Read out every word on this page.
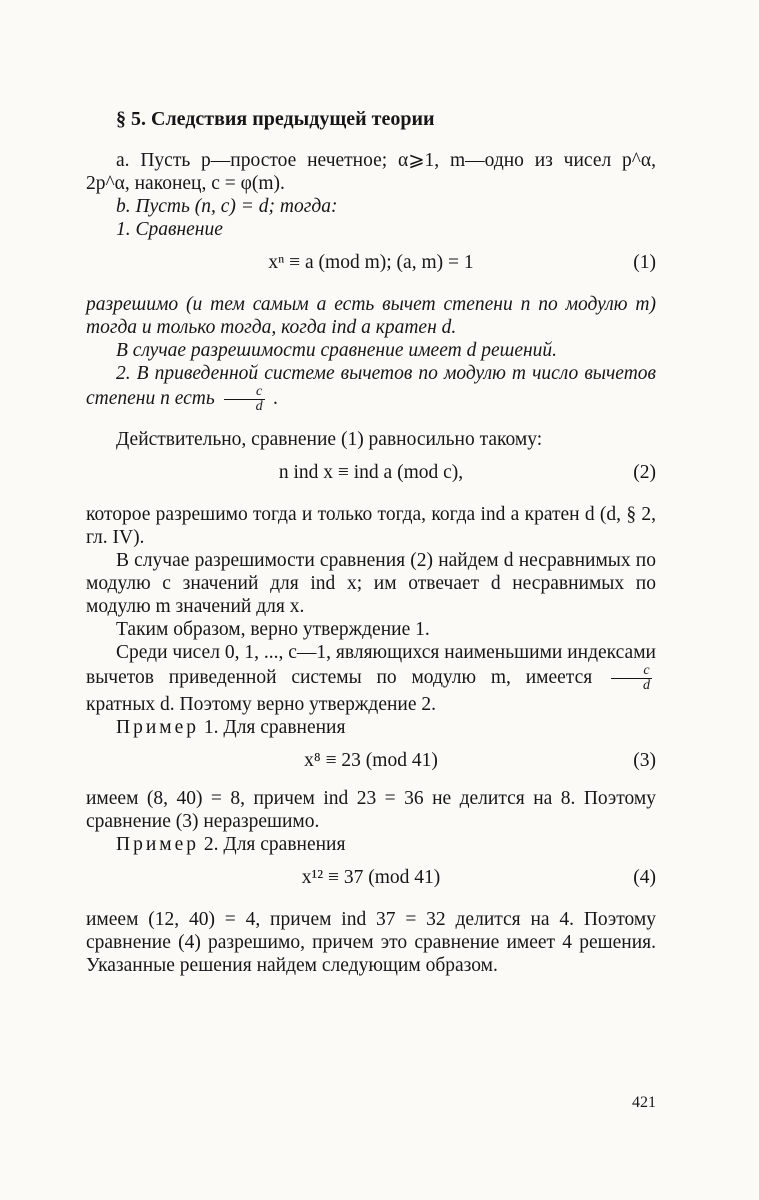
§ 5. Следствия предыдущей теории

a. Пусть p—простое нечетное; α⩾1, m—одно из чисел p^α, 2p^α, наконец, c = φ(m).

b. Пусть (n, c) = d; тогда:

1. Сравнение

xⁿ ≡ a (mod m); (a, m) = 1	(1)

разрешимо (и тем самым a есть вычет степени n по модулю m) тогда и только тогда, когда ind a кратен d.

В случае разрешимости сравнение имеет d решений.

2. В приведенной системе вычетов по модулю m число вычетов степени n есть $\frac{c}{d}$ .

Действительно, сравнение (1) равносильно такому:

n ind x ≡ ind a (mod c),	(2)

которое разрешимо тогда и только тогда, когда ind a кратен d (d, § 2, гл. IV).

В случае разрешимости сравнения (2) найдем d несравнимых по модулю c значений для ind x; им отвечает d несравнимых по модулю m значений для x.

Таким образом, верно утверждение 1.

Среди чисел 0, 1, ..., c—1, являющихся наименьшими индексами вычетов приведенной системы по модулю m, имеется $\frac{c}{d}$
кратных d. Поэтому верно утверждение 2.

Пример 1. Для сравнения

x⁸ ≡ 23 (mod 41)	(3)

имеем (8, 40) = 8, причем ind 23 = 36 не делится на 8. Поэтому сравнение (3) неразрешимо.

Пример 2. Для сравнения

x¹² ≡ 37 (mod 41)	(4)

имеем (12, 40) = 4, причем ind 37 = 32 делится на 4. Поэтому сравнение (4) разрешимо, причем это сравнение имеет 4 решения. Указанные решения найдем следующим образом.

421
